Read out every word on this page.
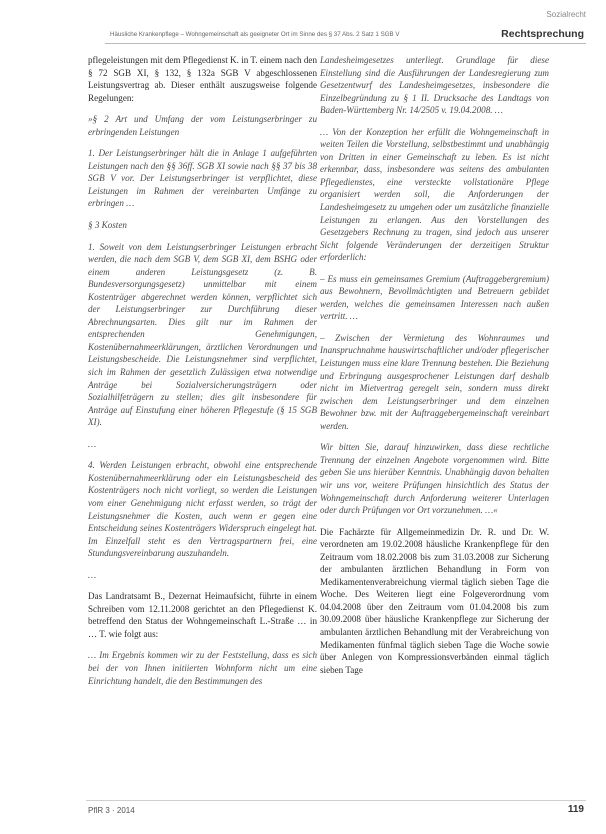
Sozialrecht
Häusliche Krankenpflege – Wohngemeinschaft als geeigneter Ort im Sinne des § 37 Abs. 2 Satz 1 SGB V	Rechtsprechung

pflegeleistungen mit dem Pflegedienst K. in T. einem nach den § 72 SGB XI, § 132, § 132a SGB V abgeschlossenen Leistungsvertrag ab. Dieser enthält auszugsweise folgende Regelungen:

»§ 2 Art und Umfang der vom Leistungserbringer zu erbringenden Leistungen

1. Der Leistungserbringer hält die in Anlage 1 aufgeführten Leistungen nach den §§ 36ff. SGB XI sowie nach §§ 37 bis 38 SGB V vor. Der Leistungserbringer ist verpflichtet, diese Leistungen im Rahmen der vereinbarten Umfänge zu erbringen …

§ 3 Kosten

1. Soweit von dem Leistungserbringer Leistungen erbracht werden, die nach dem SGB V, dem SGB XI, dem BSHG oder einem anderen Leistungsgesetz (z. B. Bundesversorgungsgesetz) unmittelbar mit einem Kostenträger abgerechnet werden können, verpflichtet sich der Leistungserbringer zur Durchführung dieser Abrechnungsarten. Dies gilt nur im Rahmen der entsprechenden Genehmigungen, Kostenübernahmeerklärungen, ärztlichen Verordnungen und Leistungsbescheide. Die Leistungsnehmer sind verpflichtet, sich im Rahmen der gesetzlich Zulässigen etwa notwendige Anträge bei Sozialversicherungsträgern oder Sozialhilfeträgern zu stellen; dies gilt insbesondere für Anträge auf Einstufung einer höheren Pflegestufe (§ 15 SGB XI).

…

4. Werden Leistungen erbracht, obwohl eine entsprechende Kostenübernahmeerklärung oder ein Leistungsbescheid des Kostenträgers noch nicht vorliegt, so werden die Leistungen vom einer Genehmigung nicht erfasst werden, so trägt der Leistungsnehmer die Kosten, auch wenn er gegen eine Entscheidung seines Kostenträgers Widerspruch eingelegt hat. Im Einzelfall steht es den Vertragspartnern frei, eine Stundungsvereinbarung auszuhandeln.

…

Das Landratsamt B., Dezernat Heimaufsicht, führte in einem Schreiben vom 12.11.2008 gerichtet an den Pflegedienst K. betreffend den Status der Wohngemeinschaft L.-Straße … in … T. wie folgt aus:

… Im Ergebnis kommen wir zu der Feststellung, dass es sich bei der von Ihnen initiierten Wohnform nicht um eine Einrichtung handelt, die den Bestimmungen des

Landesheimgesetzes unterliegt. Grundlage für diese Einstellung sind die Ausführungen der Landesregierung zum Gesetzentwurf des Landesheimgesetzes, insbesondere die Einzelbegründung zu § 1 II. Drucksache des Landtags von Baden-Württemberg Nr. 14/2505 v. 19.04.2008. …

… Von der Konzeption her erfüllt die Wohngemeinschaft in weiten Teilen die Vorstellung, selbstbestimmt und unabhängig von Dritten in einer Gemeinschaft zu leben. Es ist nicht erkennbar, dass, insbesondere was seitens des ambulanten Pflegedienstes, eine versteckte vollstationäre Pflege organisiert werden soll, die Anforderungen der Landesheimgesetz zu umgehen oder um zusätzliche finanzielle Leistungen zu erlangen. Aus den Vorstellungen des Gesetzgebers Rechnung zu tragen, sind jedoch aus unserer Sicht folgende Veränderungen der derzeitigen Struktur erforderlich:

– Es muss ein gemeinsames Gremium (Auftraggebergremium) aus Bewohnern, Bevollmächtigten und Betreuern gebildet werden, welches die gemeinsamen Interessen nach außen vertritt. …

– Zwischen der Vermietung des Wohnraumes und Inanspruchnahme hauswirtschaftlicher und/oder pflegerischer Leistungen muss eine klare Trennung bestehen. Die Beziehung und Erbringung ausgesprochener Leistungen darf deshalb nicht im Mietvertrag geregelt sein, sondern muss direkt zwischen dem Leistungserbringer und dem einzelnen Bewohner bzw. mit der Auftraggebergemeinschaft vereinbart werden.

Wir bitten Sie, darauf hinzuwirken, dass diese rechtliche Trennung der einzelnen Angebote vorgenommen wird. Bitte geben Sie uns hierüber Kenntnis. Unabhängig davon behalten wir uns vor, weitere Prüfungen hinsichtlich des Status der Wohngemeinschaft durch Anforderung weiterer Unterlagen oder durch Prüfungen vor Ort vorzunehmen. …«

Die Fachärzte für Allgemeinmedizin Dr. R. und Dr. W. verordneten am 19.02.2008 häusliche Krankenpflege für den Zeitraum vom 18.02.2008 bis zum 31.03.2008 zur Sicherung der ambulanten ärztlichen Behandlung in Form von Medikamentenverabreichung viermal täglich sieben Tage die Woche. Des Weiteren liegt eine Folgeverordnung vom 04.04.2008 über den Zeitraum vom 01.04.2008 bis zum 30.09.2008 über häusliche Krankenpflege zur Sicherung der ambulanten ärztlichen Behandlung mit der Verabreichung von Medikamenten fünfmal täglich sieben Tage die Woche sowie über Anlegen von Kompressionsverbänden einmal täglich sieben Tage

PflR 3 · 2014	119
